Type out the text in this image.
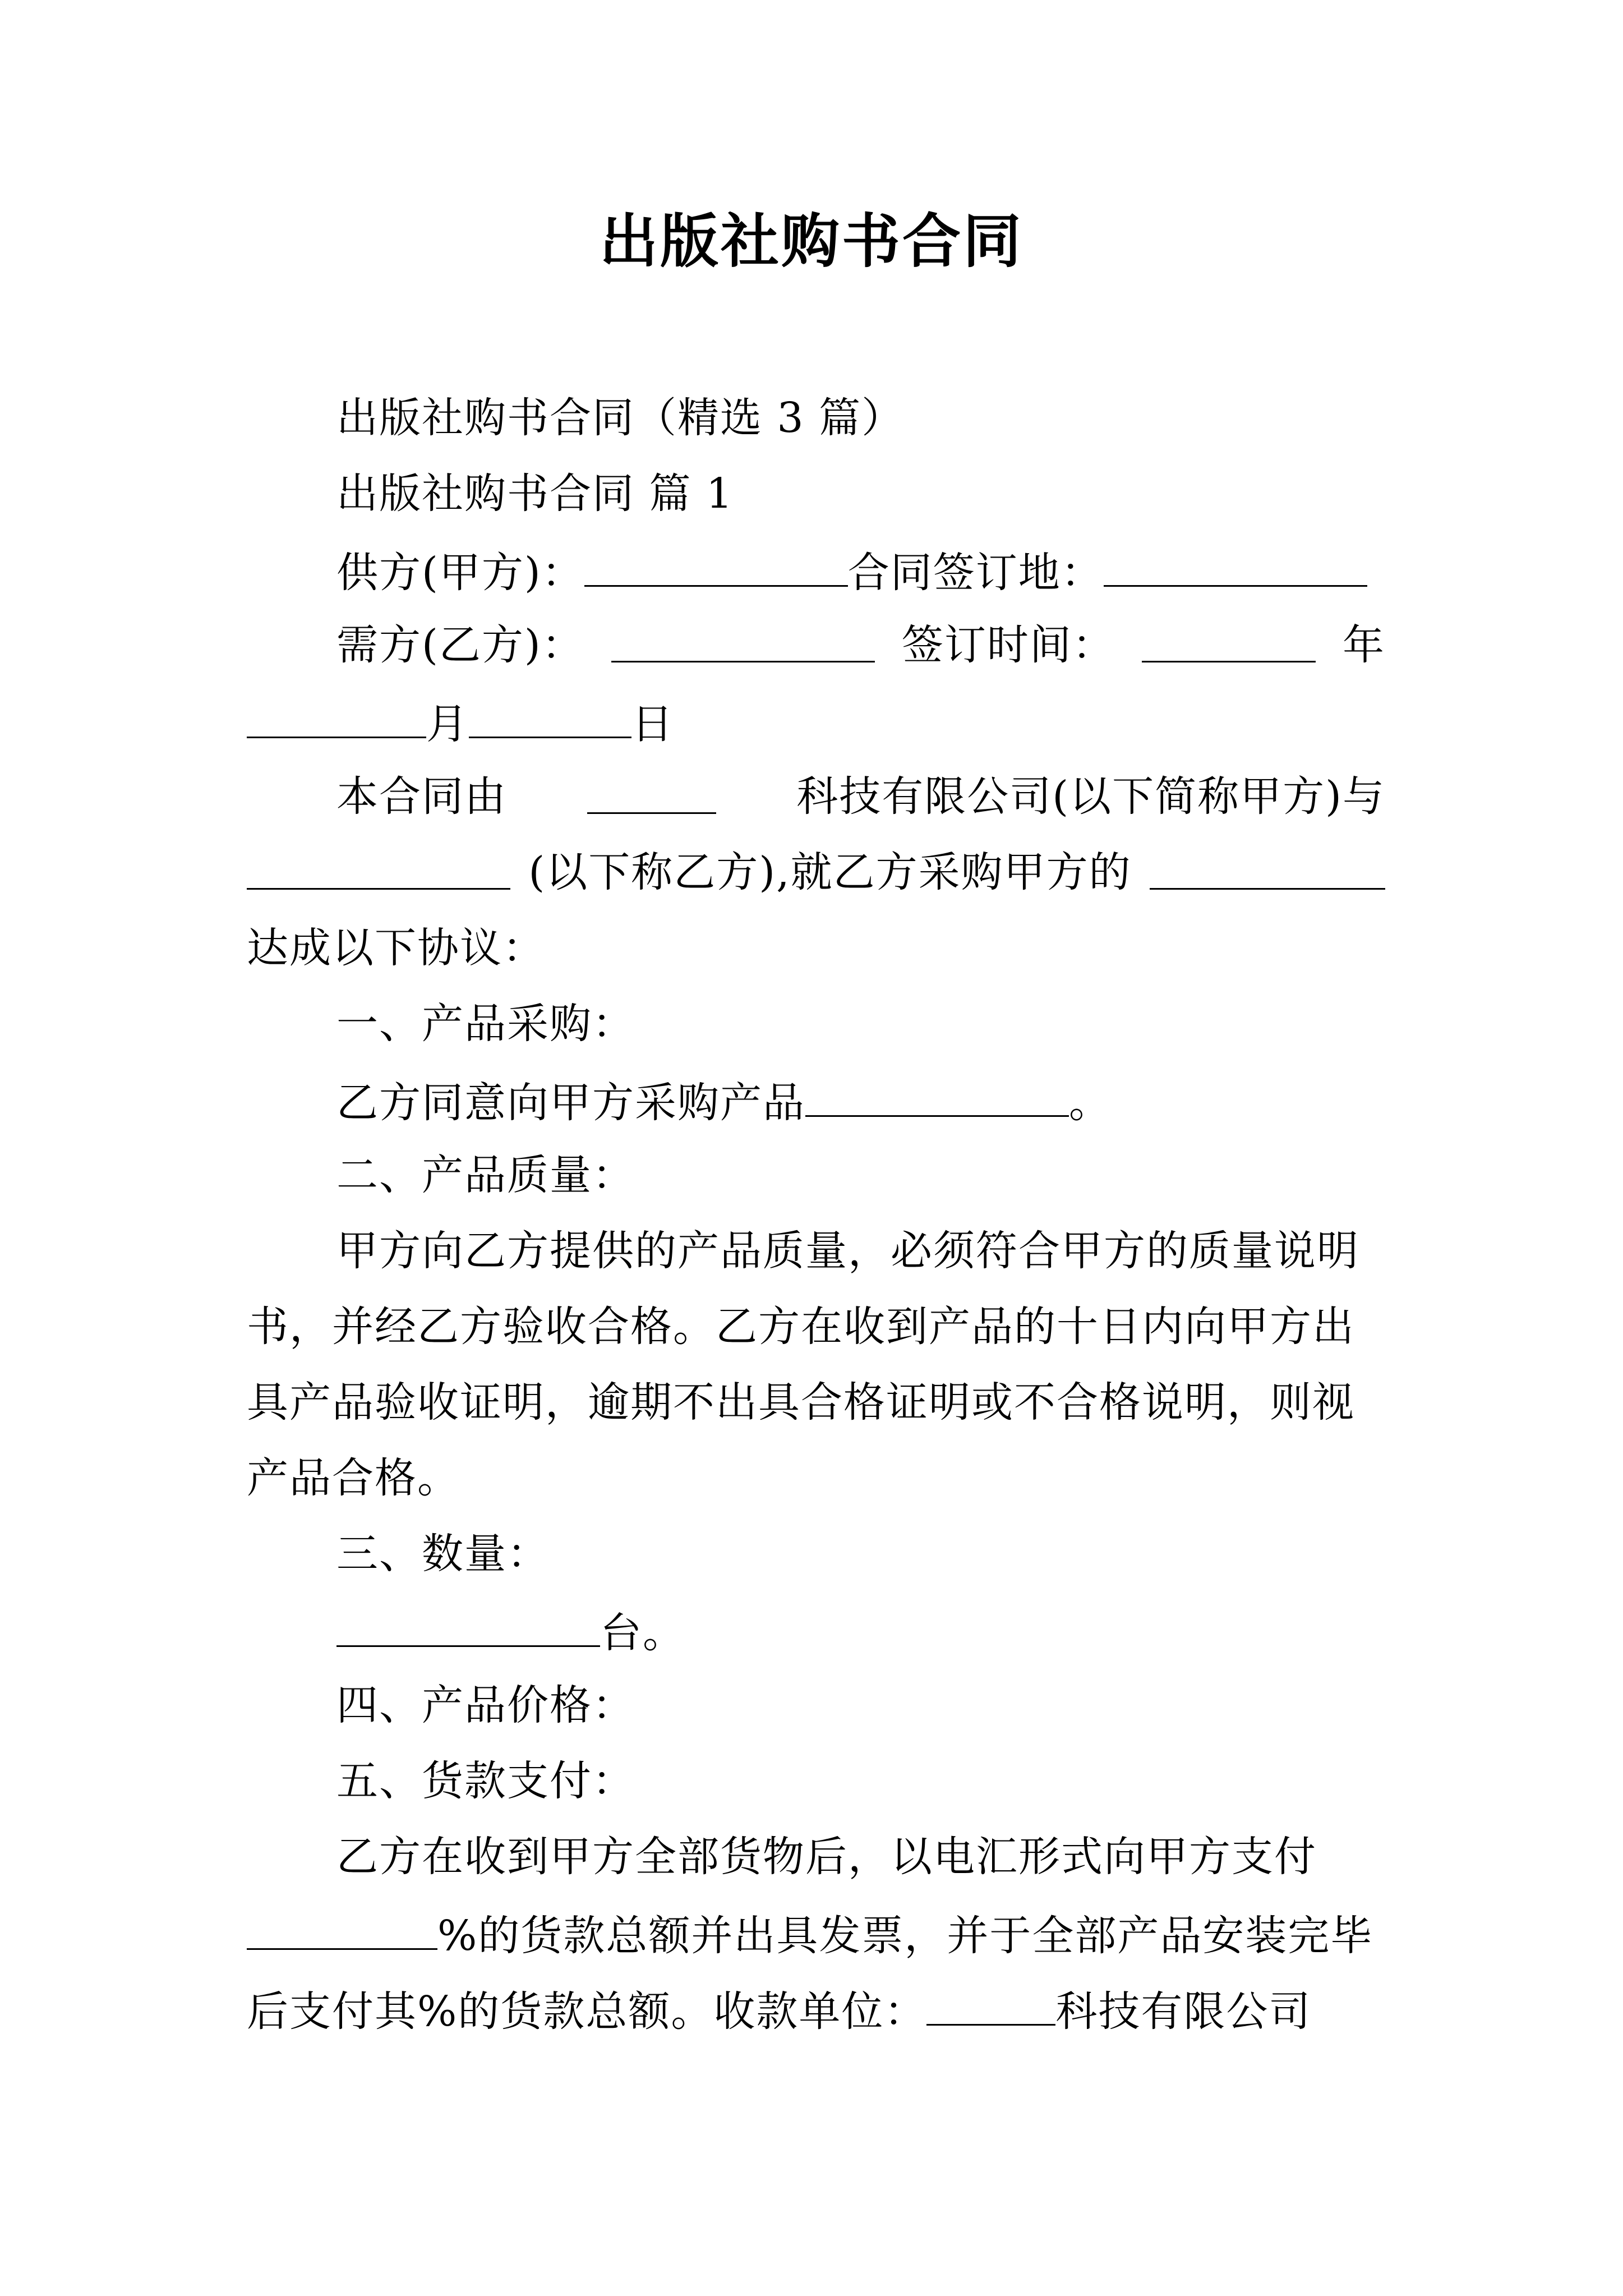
出版社购书合同
出版社购书合同（精选 3 篇）
出版社购书合同 篇 1
供方(甲方)：	合同签订地：
需方(乙方)：	签订时间：	年
月	日
本合同由	科技有限公司(以下简称甲方)与
(以下称乙方),就乙方采购甲方的
达成以下协议：
一、产品采购：
乙方同意向甲方采购产品	。
二、产品质量：
甲方向乙方提供的产品质量，必须符合甲方的质量说明
书，并经乙方验收合格。乙方在收到产品的十日内向甲方出
具产品验收证明，逾期不出具合格证明或不合格说明，则视
产品合格。
三、数量：
台。
四、产品价格：
五、货款支付：
乙方在收到甲方全部货物后，以电汇形式向甲方支付
%的货款总额并出具发票，并于全部产品安装完毕
后支付其%的货款总额。收款单位：	科技有限公司
